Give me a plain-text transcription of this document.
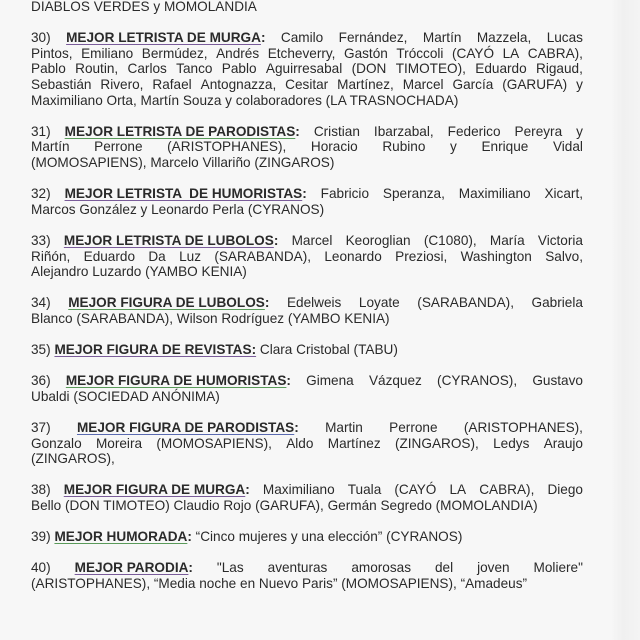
DIABLOS VERDES y MOMOLANDIA
30) MEJOR LETRISTA DE MURGA: Camilo Fernández, Martín Mazzela, Lucas
Pintos, Emiliano Bermúdez, Andrés Etcheverry, Gastón Tróccoli (CAYÓ LA CABRA),
Pablo Routin, Carlos Tanco Pablo Aguirresabal (DON TIMOTEO), Eduardo Rigaud,
Sebastián Rivero, Rafael Antognazza, Cesitar Martínez, Marcel García (GARUFA) y
Maximiliano Orta, Martín Souza y colaboradores (LA TRASNOCHADA)
31) MEJOR LETRISTA DE PARODISTAS: Cristian Ibarzabal, Federico Pereyra y
Martín Perrone (ARISTOPHANES), Horacio Rubino y Enrique Vidal
(MOMOSAPIENS), Marcelo Villariño (ZINGAROS)
32) MEJOR LETRISTA  DE HUMORISTAS: Fabricio Speranza, Maximiliano Xicart,
Marcos González y Leonardo Perla (CYRANOS)
33) MEJOR LETRISTA DE LUBOLOS: Marcel Keoroglian (C1080), María Victoria
Riñón, Eduardo Da Luz (SARABANDA), Leonardo Preziosi, Washington Salvo,
Alejandro Luzardo (YAMBO KENIA)
34) MEJOR FIGURA DE LUBOLOS: Edelweis Loyate (SARABANDA), Gabriela
Blanco (SARABANDA), Wilson Rodríguez (YAMBO KENIA)
35) MEJOR FIGURA DE REVISTAS: Clara Cristobal (TABU)
36) MEJOR FIGURA DE HUMORISTAS: Gimena Vázquez (CYRANOS), Gustavo
Ubaldi (SOCIEDAD ANÓNIMA)
37) MEJOR FIGURA DE PARODISTAS: Martin Perrone (ARISTOPHANES),
Gonzalo Moreira (MOMOSAPIENS), Aldo Martínez (ZINGAROS), Ledys Araujo
(ZINGAROS),
38) MEJOR FIGURA DE MURGA: Maximiliano Tuala (CAYÓ LA CABRA), Diego
Bello (DON TIMOTEO) Claudio Rojo (GARUFA), Germán Segredo (MOMOLANDIA)
39) MEJOR HUMORADA: “Cinco mujeres y una elección” (CYRANOS)
40) MEJOR PARODIA: "Las aventuras amorosas del joven Moliere"
(ARISTOPHANES), “Media noche en Nuevo Paris” (MOMOSAPIENS), “Amadeus”
